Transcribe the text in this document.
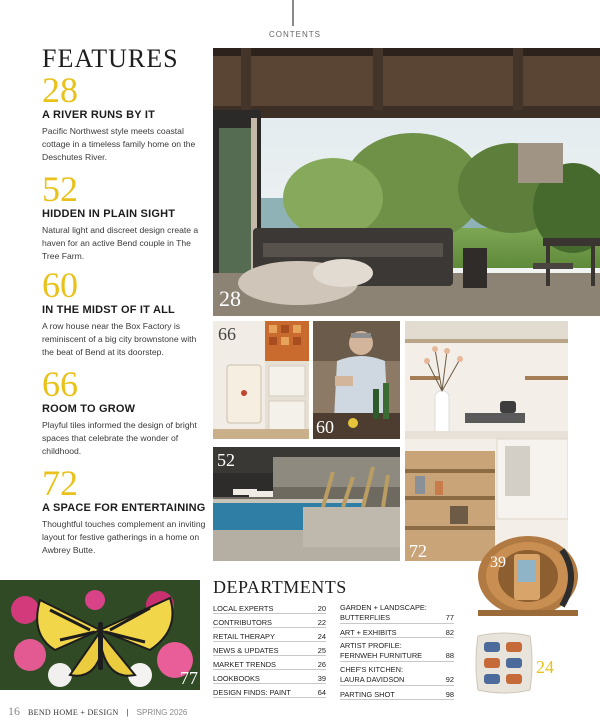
CONTENTS
FEATURES
28
A RIVER RUNS BY IT
Pacific Northwest style meets coastal cottage in a timeless family home on the Deschutes River.
52
HIDDEN IN PLAIN SIGHT
Natural light and discreet design create a haven for an active Bend couple in The Tree Farm.
60
IN THE MIDST OF IT ALL
A row house near the Box Factory is reminiscent of a big city brownstone with the beat of Bend at its doorstep.
66
ROOM TO GROW
Playful tiles informed the design of bright spaces that celebrate the wonder of childhood.
72
A SPACE FOR ENTERTAINING
Thoughtful touches complement an inviting layout for festive gatherings in a home on Awbrey Butte.
28
66
60
72
52
77
39
24
DEPARTMENTS
LOCAL EXPERTS	20
CONTRIBUTORS	22
RETAIL THERAPY	24
NEWS & UPDATES	25
MARKET TRENDS	26
LOOKBOOKS	39
DESIGN FINDS: PAINT	64
GARDEN + LANDSCAPE:
BUTTERFLIES	77
ART + EXHIBITS	82
ARTIST PROFILE:
FERNWEH FURNITURE	88
CHEF'S KITCHEN:
LAURA DAVIDSON	92
PARTING SHOT	98
16 BEND HOME + DESIGN | SPRING 2026
